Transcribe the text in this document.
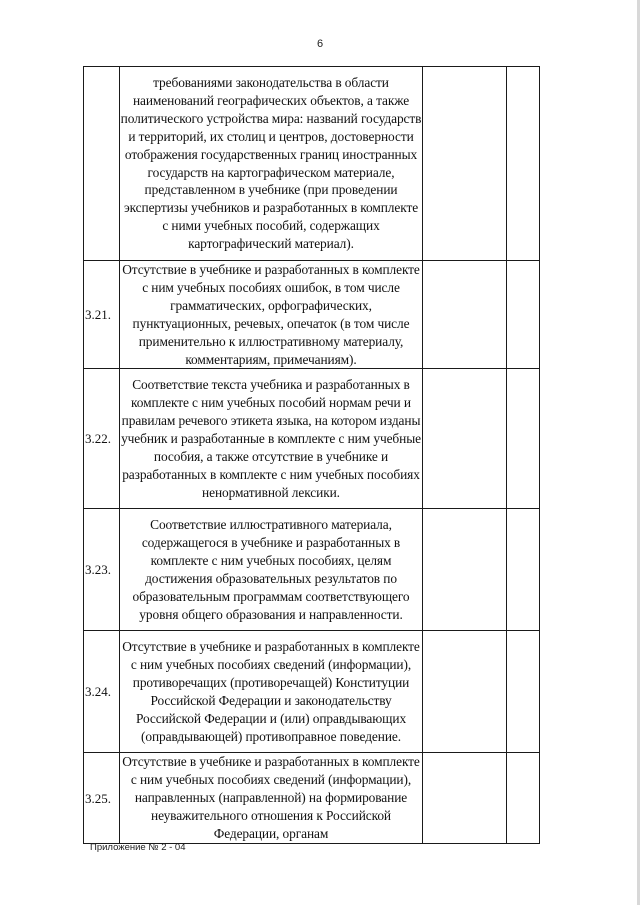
6
	требованиями законодательства в области наименований географических объектов, а также политического устройства мира: названий государств и территорий, их столиц и центров, достоверности отображения государственных границ иностранных государств на картографическом материале, представленном в учебнике (при проведении экспертизы учебников и разработанных в комплекте с ними учебных пособий, содержащих картографический материал).		
3.21.	Отсутствие в учебнике и разработанных в комплекте с ним учебных пособиях ошибок, в том числе грамматических, орфографических, пунктуационных, речевых, опечаток (в том числе применительно к иллюстративному материалу, комментариям, примечаниям).		
3.22.	Соответствие текста учебника и разработанных в комплекте с ним учебных пособий нормам речи и правилам речевого этикета языка, на котором изданы учебник и разработанные в комплекте с ним учебные пособия, а также отсутствие в учебнике и разработанных в комплекте с ним учебных пособиях ненормативной лексики.		
3.23.	Соответствие иллюстративного материала, содержащегося в учебнике и разработанных в комплекте с ним учебных пособиях, целям достижения образовательных результатов по образовательным программам соответствующего уровня общего образования и направленности.		
3.24.	Отсутствие в учебнике и разработанных в комплекте с ним учебных пособиях сведений (информации), противоречащих (противоречащей) Конституции Российской Федерации и законодательству Российской Федерации и (или) оправдывающих (оправдывающей) противоправное поведение.		
3.25.	Отсутствие в учебнике и разработанных в комплекте с ним учебных пособиях сведений (информации), направленных (направленной) на формирование неуважительного отношения к Российской Федерации, органам		
Приложение № 2 - 04
